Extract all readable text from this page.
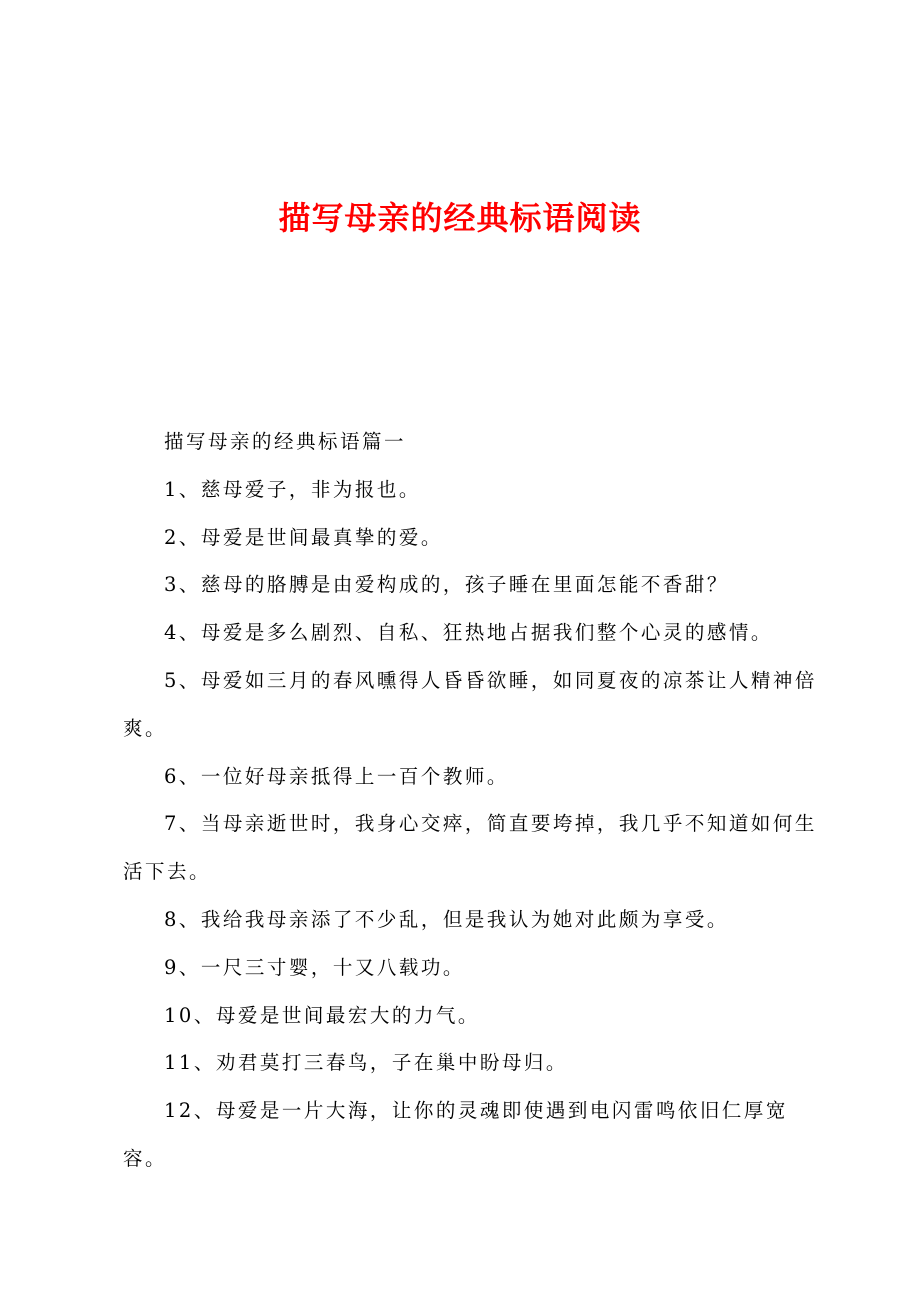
描写母亲的经典标语阅读

描写母亲的经典标语篇一

1、慈母爱子，非为报也。

2、母爱是世间最真挚的爱。

3、慈母的胳膊是由爱构成的，孩子睡在里面怎能不香甜？

4、母爱是多么剧烈、自私、狂热地占据我们整个心灵的感情。

5、母爱如三月的春风曛得人昏昏欲睡，如同夏夜的凉茶让人精神倍爽。

6、一位好母亲抵得上一百个教师。

7、当母亲逝世时，我身心交瘁，简直要垮掉，我几乎不知道如何生活下去。

8、我给我母亲添了不少乱，但是我认为她对此颇为享受。

9、一尺三寸婴，十又八载功。

10、母爱是世间最宏大的力气。

11、劝君莫打三春鸟，子在巢中盼母归。

12、母爱是一片大海，让你的灵魂即使遇到电闪雷鸣依旧仁厚宽容。
